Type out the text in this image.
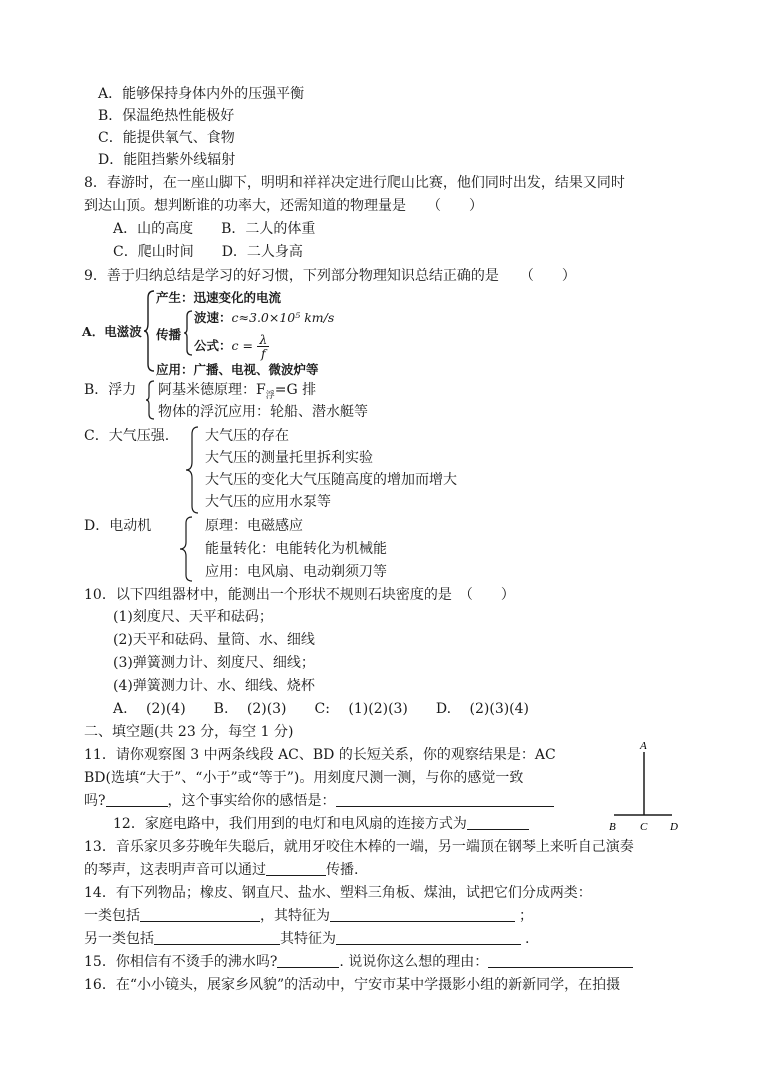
A．能够保持身体内外的压强平衡
B．保温绝热性能极好
C．能提供氧气、食物
D．能阻挡紫外线辐射
8．春游时，在一座山脚下，明明和祥祥决定进行爬山比赛，他们同时出发，结果又同时
到达山顶。想判断谁的功率大，还需知道的物理量是　　（　　）
A．山的高度　　B．二人的体重
C．爬山时间　　D．二人身高
9．善于归纳总结是学习的好习惯，下列部分物理知识总结正确的是　　（　　）
A．电滋波
产生：迅速变化的电流
传播
波速：c≈3.0×10⁵ km/s
公式：$c = \frac{\lambda}{f}$
应用：广播、电视、微波炉等
B．浮力 阿基米德原理：$F_浮=G$ 排
物体的浮沉应用：轮船、潜水艇等
C．大气压强.	大气压的存在
大气压的测量托里拆利实验
大气压的变化大气压随高度的增加而增大
大气压的应用水泵等
D．电动机	原理：电磁感应
能量转化：电能转化为机械能
应用：电风扇、电动剃须刀等
10．以下四组器材中，能测出一个形状不规则石块密度的是　（　　）
(1)刻度尺、天平和砝码；
(2)天平和砝码、量筒、水、细线
(3)弹簧测力计、刻度尺、细线；
(4)弹簧测力计、水、细线、烧杯
A.　 (2)(4)　　B.　 (2)(3)　　C:　 (1)(2)(3)　　D.　 (2)(3)(4)
二、填空题(共 23 分，每空 1 分)
11．请你观察图 3 中两条线段 AC、BD 的长短关系，你的观察结果是：AC
BD(选填“大于”、“小于”或“等于”)。用刻度尺测一测，与你的感觉一致
吗?	，这个事实给你的感悟是：
A
B C D
12．家庭电路中，我们用到的电灯和电风扇的连接方式为
13．音乐家贝多芬晚年失聪后，就用牙咬住木棒的一端，另一端顶在钢琴上来听自己演奏
的琴声，这表明声音可以通过	传播.
14．有下列物品；橡皮、钢直尺、盐水、塑料三角板、煤油，试把它们分成两类：
一类包括	，其特征为	；
另一类包括	其特征为	.
15．你相信有不烫手的沸水吗?	. 说说你这么想的理由：
16．在“小小镜头，展家乡风貌”的活动中，宁安市某中学摄影小组的新新同学，在拍摄
